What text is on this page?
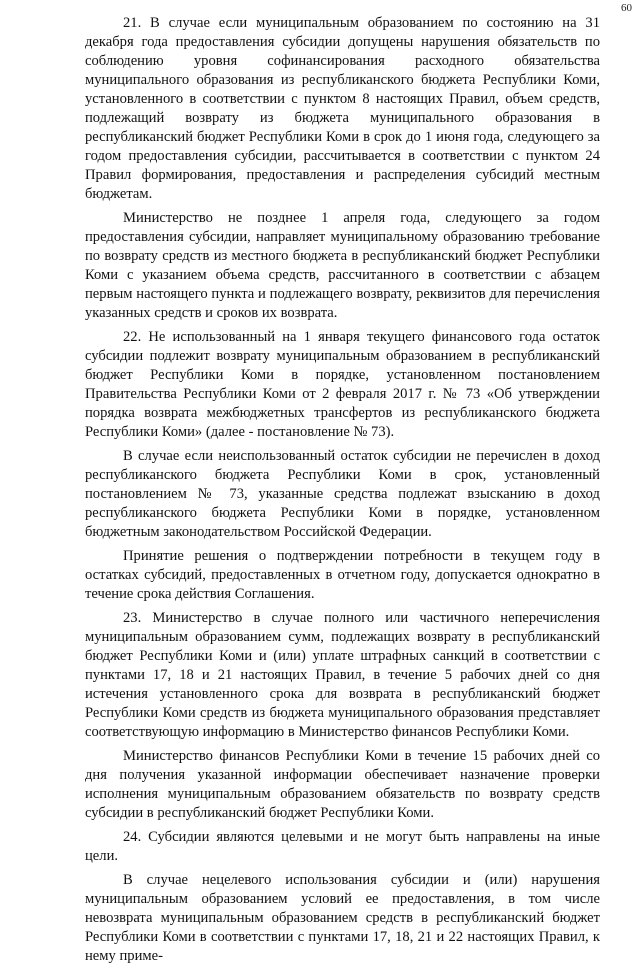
60

21. В случае если муниципальным образованием по состоянию на 31 декабря года предоставления субсидии допущены нарушения обязательств по соблюдению уровня софинансирования расходного обязательства муниципального образования из республиканского бюджета Республики Коми, установленного в соответствии с пунктом 8 настоящих Правил, объем средств, подлежащий возврату из бюджета муниципального образования в республиканский бюджет Республики Коми в срок до 1 июня года, следующего за годом предоставления субсидии, рассчитывается в соответствии с пунктом 24 Правил формирования, предоставления и распределения субсидий местным бюджетам.

Министерство не позднее 1 апреля года, следующего за годом предоставления субсидии, направляет муниципальному образованию требование по возврату средств из местного бюджета в республиканский бюджет Республики Коми с указанием объема средств, рассчитанного в соответствии с абзацем первым настоящего пункта и подлежащего возврату, реквизитов для перечисления указанных средств и сроков их возврата.

22. Не использованный на 1 января текущего финансового года остаток субсидии подлежит возврату муниципальным образованием в республиканский бюджет Республики Коми в порядке, установленном постановлением Правительства Республики Коми от 2 февраля 2017 г. № 73 «Об утверждении порядка возврата межбюджетных трансфертов из республиканского бюджета Республики Коми» (далее - постановление № 73).

В случае если неиспользованный остаток субсидии не перечислен в доход республиканского бюджета Республики Коми в срок, установленный постановлением № 73, указанные средства подлежат взысканию в доход республиканского бюджета Республики Коми в порядке, установленном бюджетным законодательством Российской Федерации.

Принятие решения о подтверждении потребности в текущем году в остатках субсидий, предоставленных в отчетном году, допускается однократно в течение срока действия Соглашения.

23. Министерство в случае полного или частичного неперечисления муниципальным образованием сумм, подлежащих возврату в республиканский бюджет Республики Коми и (или) уплате штрафных санкций в соответствии с пунктами 17, 18 и 21 настоящих Правил, в течение 5 рабочих дней со дня истечения установленного срока для возврата в республиканский бюджет Республики Коми средств из бюджета муниципального образования представляет соответствующую информацию в Министерство финансов Республики Коми.

Министерство финансов Республики Коми в течение 15 рабочих дней со дня получения указанной информации обеспечивает назначение проверки исполнения муниципальным образованием обязательств по возврату средств субсидии в республиканский бюджет Республики Коми.

24. Субсидии являются целевыми и не могут быть направлены на иные цели.

В случае нецелевого использования субсидии и (или) нарушения муниципальным образованием условий ее предоставления, в том числе невозврата муниципальным образованием средств в республиканский бюджет Республики Коми в соответствии с пунктами 17, 18, 21 и 22 настоящих Правил, к нему приме-
